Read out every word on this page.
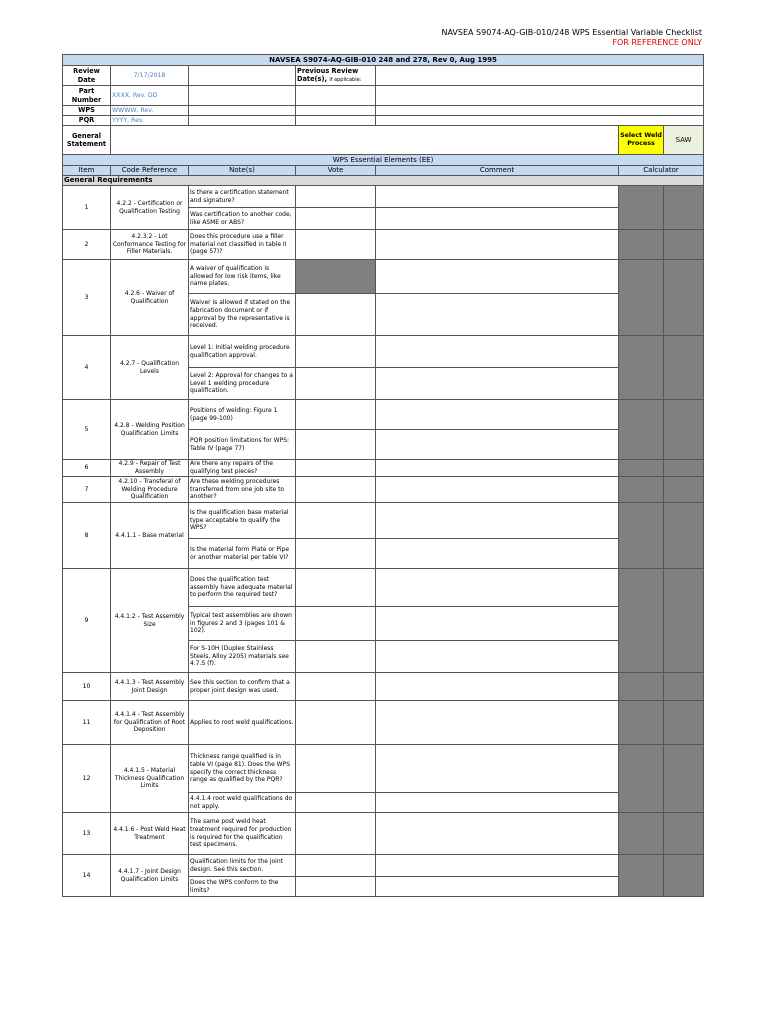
NAVSEA S9074-AQ-GIB-010/248 WPS Essential Variable Checklist
FOR REFERENCE ONLY
NAVSEA S9074-AQ-GIB-010 248 and 278, Rev 0, Aug 1995						
Review Date	7/17/2018		Previous Review Date(s), if applicable:			
Part Number	XXXX, Rev. DD					
WPS	WWWW, Rev.					
PQR	YYYY, Rev.					
General Statement					Select Weld Process	SAW
WPS Essential Elements (EE)						
Item	Code Reference	Note(s)	Vote	Comment	Calculator	
General Requirements						
1	4.2.2 - Certification or Qualification Testing	Is there a certification statement and signature?				
		Was certification to another code, like ASME or ABS?				
2	4.2.3.2 - Lot Conformance Testing for Filler Materials.	Does this procedure use a filler material not classified in table II (page 57)?				
3	4.2.6 - Waiver of Qualification	A waiver of qualification is allowed for low risk items, like name plates.				
		Waiver is allowed if stated on the fabrication document or if approval by the representative is received.				
4	4.2.7 - Qualification Levels	Level 1: Initial welding procedure qualification approval.				
		Level 2: Approval for changes to a Level 1 welding procedure qualification.				
5	4.2.8 - Welding Position Qualification Limits	Positions of welding: Figure 1 (page 99-100)				
		PQR position limitations for WPS: Table IV (page 77)				
6	4.2.9 - Repair of Test Assembly	Are there any repairs of the qualifying test pieces?				
7	4.2.10 - Transferal of Welding Procedure Qualification	Are these welding procedures transferred from one job site to another?				
8	4.4.1.1 - Base material	Is the qualification base material type acceptable to qualify the WPS?				
		Is the material form Plate or Pipe or another material per table VI?				
9	4.4.1.2 - Test Assembly Size	Does the qualification test assembly have adequate material to perform the required test?				
		Typical test assemblies are shown in figures 2 and 3 (pages 101 & 102).				
		For S-10H (Duplex Stainless Steels, Alloy 2205) materials see 4.7.5 (f).				
10	4.4.1.3 - Test Assembly Joint Design	See this section to confirm that a proper joint design was used.				
11	4.4.1.4 - Test Assembly for Qualification of Root Deposition	Applies to root weld qualifications.				
12	4.4.1.5 - Material Thickness Qualification Limits	Thickness range qualified is in table VI (page 81). Does the WPS specify the correct thickness range as qualified by the PQR?				
		4.4.1.4 root weld qualifications do not apply.				
13	4.4.1.6 - Post Weld Heat Treatment	The same post weld heat treatment required for production is required for the qualification test specimens.				
14	4.4.1.7 - Joint Design Qualification Limits	Qualification limits for the joint design. See this section.				
		Does the WPS conform to the limits?				
